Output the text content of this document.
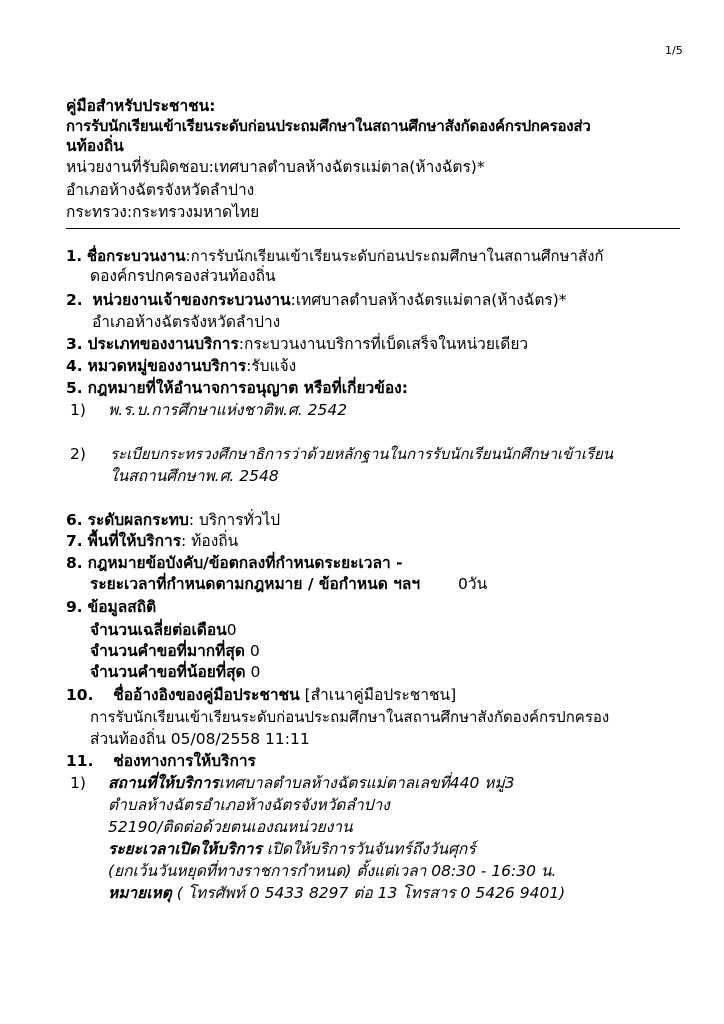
1/5
คู่มือสำหรับประชาชน:
การรับนักเรียนเข้าเรียนระดับก่อนประถมศึกษาในสถานศึกษาสังกัดองค์กรปกครองส่ว
นท้องถิ่น
หน่วยงานที่รับผิดชอบ:เทศบาลตำบลห้างฉัตรแม่ตาล(ห้างฉัตร)*
อำเภอห้างฉัตรจังหวัดลำปาง
กระทรวง:กระทรวงมหาดไทย
1. ชื่อกระบวนงาน:การรับนักเรียนเข้าเรียนระดับก่อนประถมศึกษาในสถานศึกษาสังกั
ดองค์กรปกครองส่วนท้องถิ่น
2. หน่วยงานเจ้าของกระบวนงาน:เทศบาลตำบลห้างฉัตรแม่ตาล(ห้างฉัตร)*
อำเภอห้างฉัตรจังหวัดลำปาง
3. ประเภทของงานบริการ:กระบวนงานบริการที่เบ็ดเสร็จในหน่วยเดียว
4. หมวดหมู่ของงานบริการ:รับแจ้ง
5. กฎหมายที่ให้อำนาจการอนุญาต หรือที่เกี่ยวข้อง:
1) พ.ร.บ.การศึกษาแห่งชาติพ.ศ. 2542
2) ระเบียบกระทรวงศึกษาธิการว่าด้วยหลักฐานในการรับนักเรียนนักศึกษาเข้าเรียน
ในสถานศึกษาพ.ศ. 2548
6. ระดับผลกระทบ: บริการทั่วไป
7. พื้นที่ให้บริการ: ท้องถิ่น
8. กฎหมายข้อบังคับ/ข้อตกลงที่กำหนดระยะเวลา -
ระยะเวลาที่กำหนดตามกฎหมาย / ข้อกำหนด ฯลฯ 0วัน
9. ข้อมูลสถิติ
จำนวนเฉลี่ยต่อเดือน0
จำนวนคำขอที่มากที่สุด 0
จำนวนคำขอที่น้อยที่สุด 0
10. ชื่ออ้างอิงของคู่มือประชาชน [สำเนาคู่มือประชาชน]
การรับนักเรียนเข้าเรียนระดับก่อนประถมศึกษาในสถานศึกษาสังกัดองค์กรปกครอง
ส่วนท้องถิ่น 05/08/2558 11:11
11. ช่องทางการให้บริการ
1) สถานที่ให้บริการเทศบาลตำบลห้างฉัตรแม่ตาลเลขที่440 หมู่3
ตำบลห้างฉัตรอำเภอห้างฉัตรจังหวัดลำปาง
52190/ติดต่อด้วยตนเองณหน่วยงาน
ระยะเวลาเปิดให้บริการ เปิดให้บริการวันจันทร์ถึงวันศุกร์
(ยกเว้นวันหยุดที่ทางราชการกำหนด) ตั้งแต่เวลา 08:30 - 16:30 น.
หมายเหตุ ( โทรศัพท์ 0 5433 8297 ต่อ 13 โทรสาร 0 5426 9401)
